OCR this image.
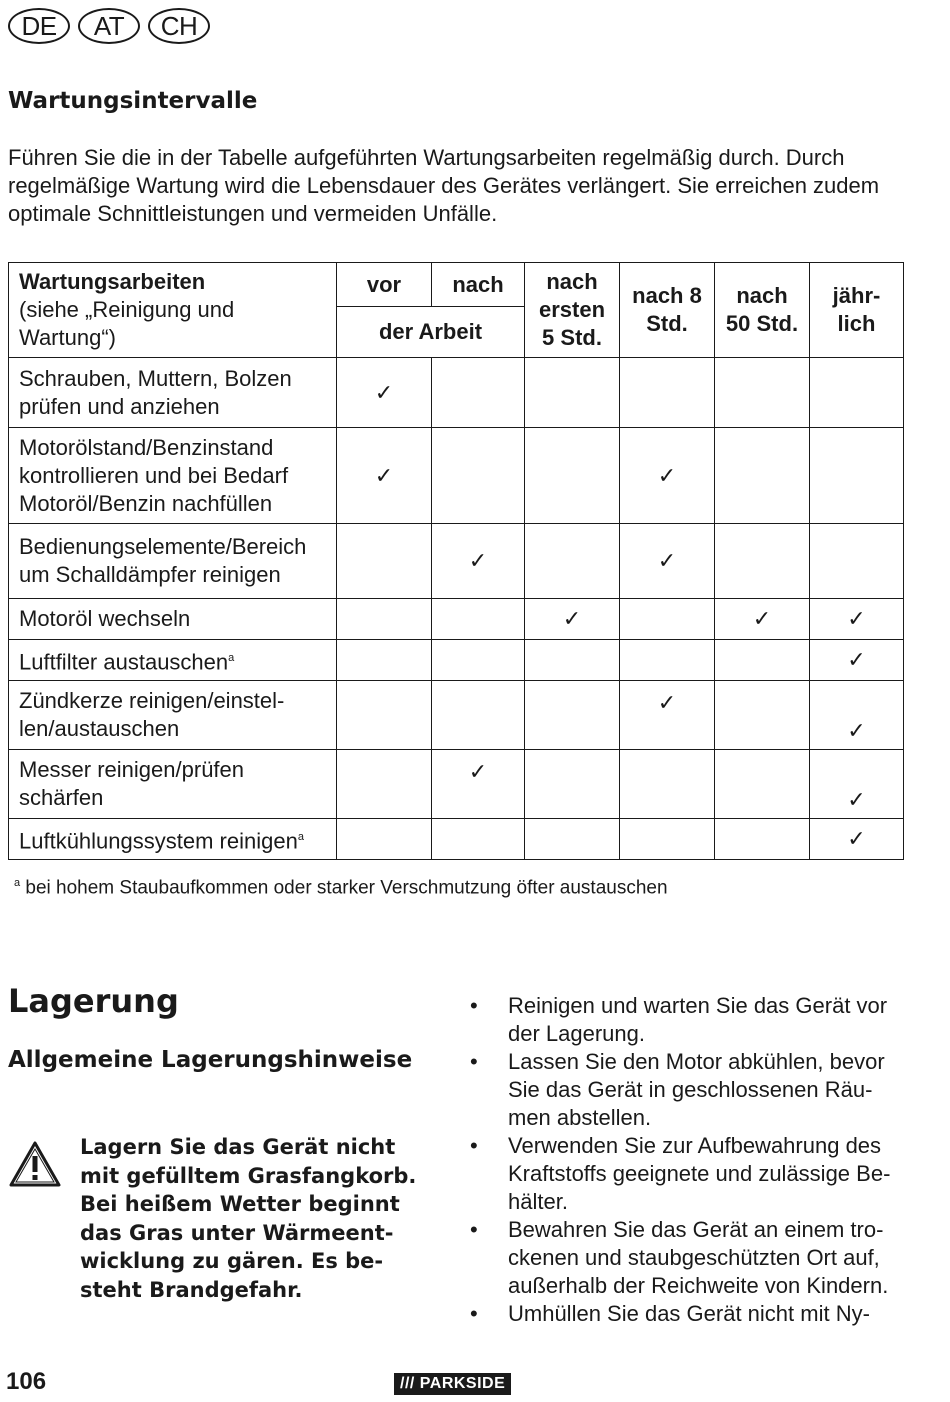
DE	AT	CH
Wartungsintervalle

Führen Sie die in der Tabelle aufgeführten Wartungsarbeiten regelmäßig durch. Durch regelmäßige Wartung wird die Lebensdauer des Gerätes verlängert. Sie erreichen zudem optimale Schnittleistungen und vermeiden Unfälle.

Wartungsarbeiten
(siehe „Reinigung und Wartung“)	vor	nach	nach ersten 5 Std.	nach 8 Std.	nach 50 Std.	jähr- lich
	der Arbeit					
Schrauben, Muttern, Bolzen prüfen und anziehen	✓					
Motorölstand/Benzinstand kontrollieren und bei Bedarf Motoröl/Benzin nachfüllen	✓			✓		
Bedienungselemente/Bereich um Schalldämpfer reinigen		✓		✓		
Motoröl wechseln			✓		✓	✓
Luftfilter austauschen$^a$						✓
Zündkerze reinigen/einstel- len/austauschen				✓		✓
Messer reinigen/prüfen schärfen		✓				✓
Luftkühlungssystem reinigen$^a$						✓
$^a$ bei hohem Staubaufkommen oder starker Verschmutzung öfter austauschen
Lagerung
Allgemeine Lagerungshinweise

Lagern Sie das Gerät nicht mit gefülltem Grasfangkorb. Bei heißem Wetter beginnt das Gras unter Wärmeent- wicklung zu gären. Es be- steht Brandgefahr.

• Reinigen und warten Sie das Gerät vor der Lagerung.
• Lassen Sie den Motor abkühlen, bevor Sie das Gerät in geschlossenen Räu- men abstellen.
• Verwenden Sie zur Aufbewahrung des Kraftstoffs geeignete und zulässige Be- hälter.
• Bewahren Sie das Gerät an einem tro- ckenen und staubgeschützten Ort auf, außerhalb der Reichweite von Kindern.
• Umhüllen Sie das Gerät nicht mit Ny-
106	/// PARKSIDE
